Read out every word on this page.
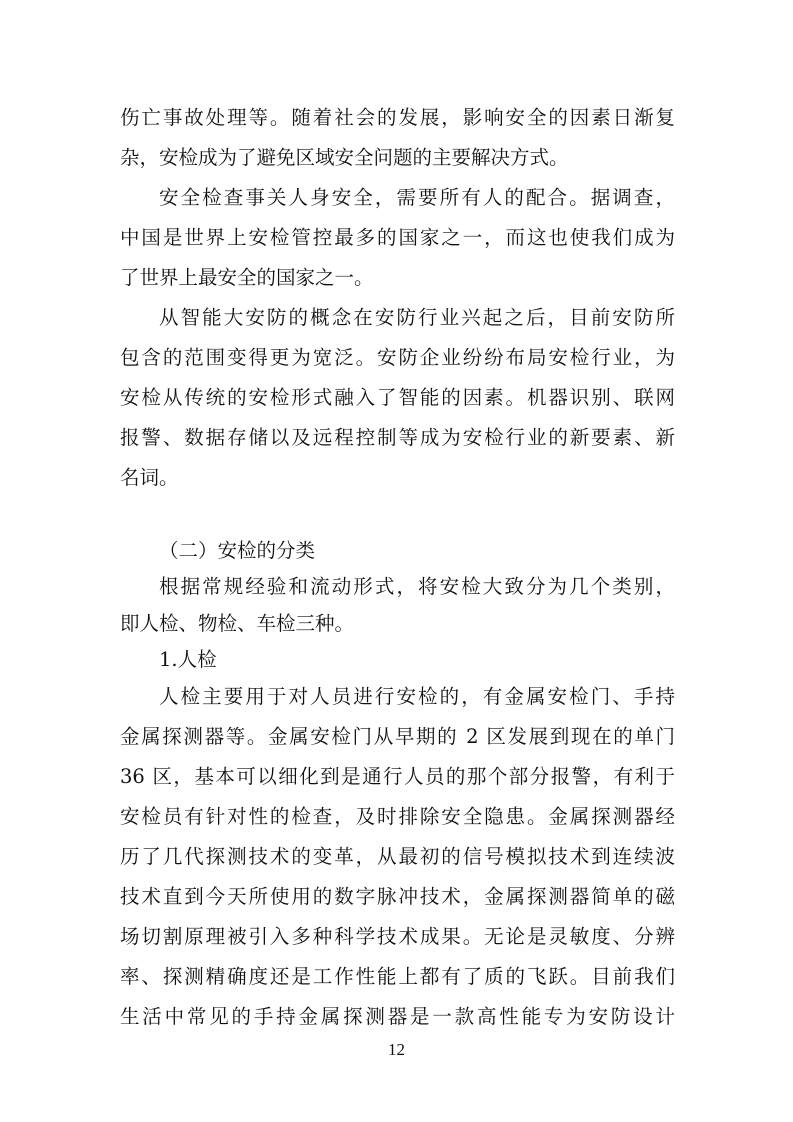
伤亡事故处理等。随着社会的发展，影响安全的因素日渐复

杂，安检成为了避免区域安全问题的主要解决方式。

安全检查事关人身安全，需要所有人的配合。据调查，

中国是世界上安检管控最多的国家之一，而这也使我们成为

了世界上最安全的国家之一。

从智能大安防的概念在安防行业兴起之后，目前安防所

包含的范围变得更为宽泛。安防企业纷纷布局安检行业，为

安检从传统的安检形式融入了智能的因素。机器识别、联网

报警、数据存储以及远程控制等成为安检行业的新要素、新

名词。

（二）安检的分类

根据常规经验和流动形式，将安检大致分为几个类别，

即人检、物检、车检三种。

1.人检

人检主要用于对人员进行安检的，有金属安检门、手持

金属探测器等。金属安检门从早期的 2 区发展到现在的单门

36 区，基本可以细化到是通行人员的那个部分报警，有利于

安检员有针对性的检查，及时排除安全隐患。金属探测器经

历了几代探测技术的变革，从最初的信号模拟技术到连续波

技术直到今天所使用的数字脉冲技术，金属探测器简单的磁

场切割原理被引入多种科学技术成果。无论是灵敏度、分辨

率、探测精确度还是工作性能上都有了质的飞跃。目前我们

生活中常见的手持金属探测器是一款高性能专为安防设计

12
